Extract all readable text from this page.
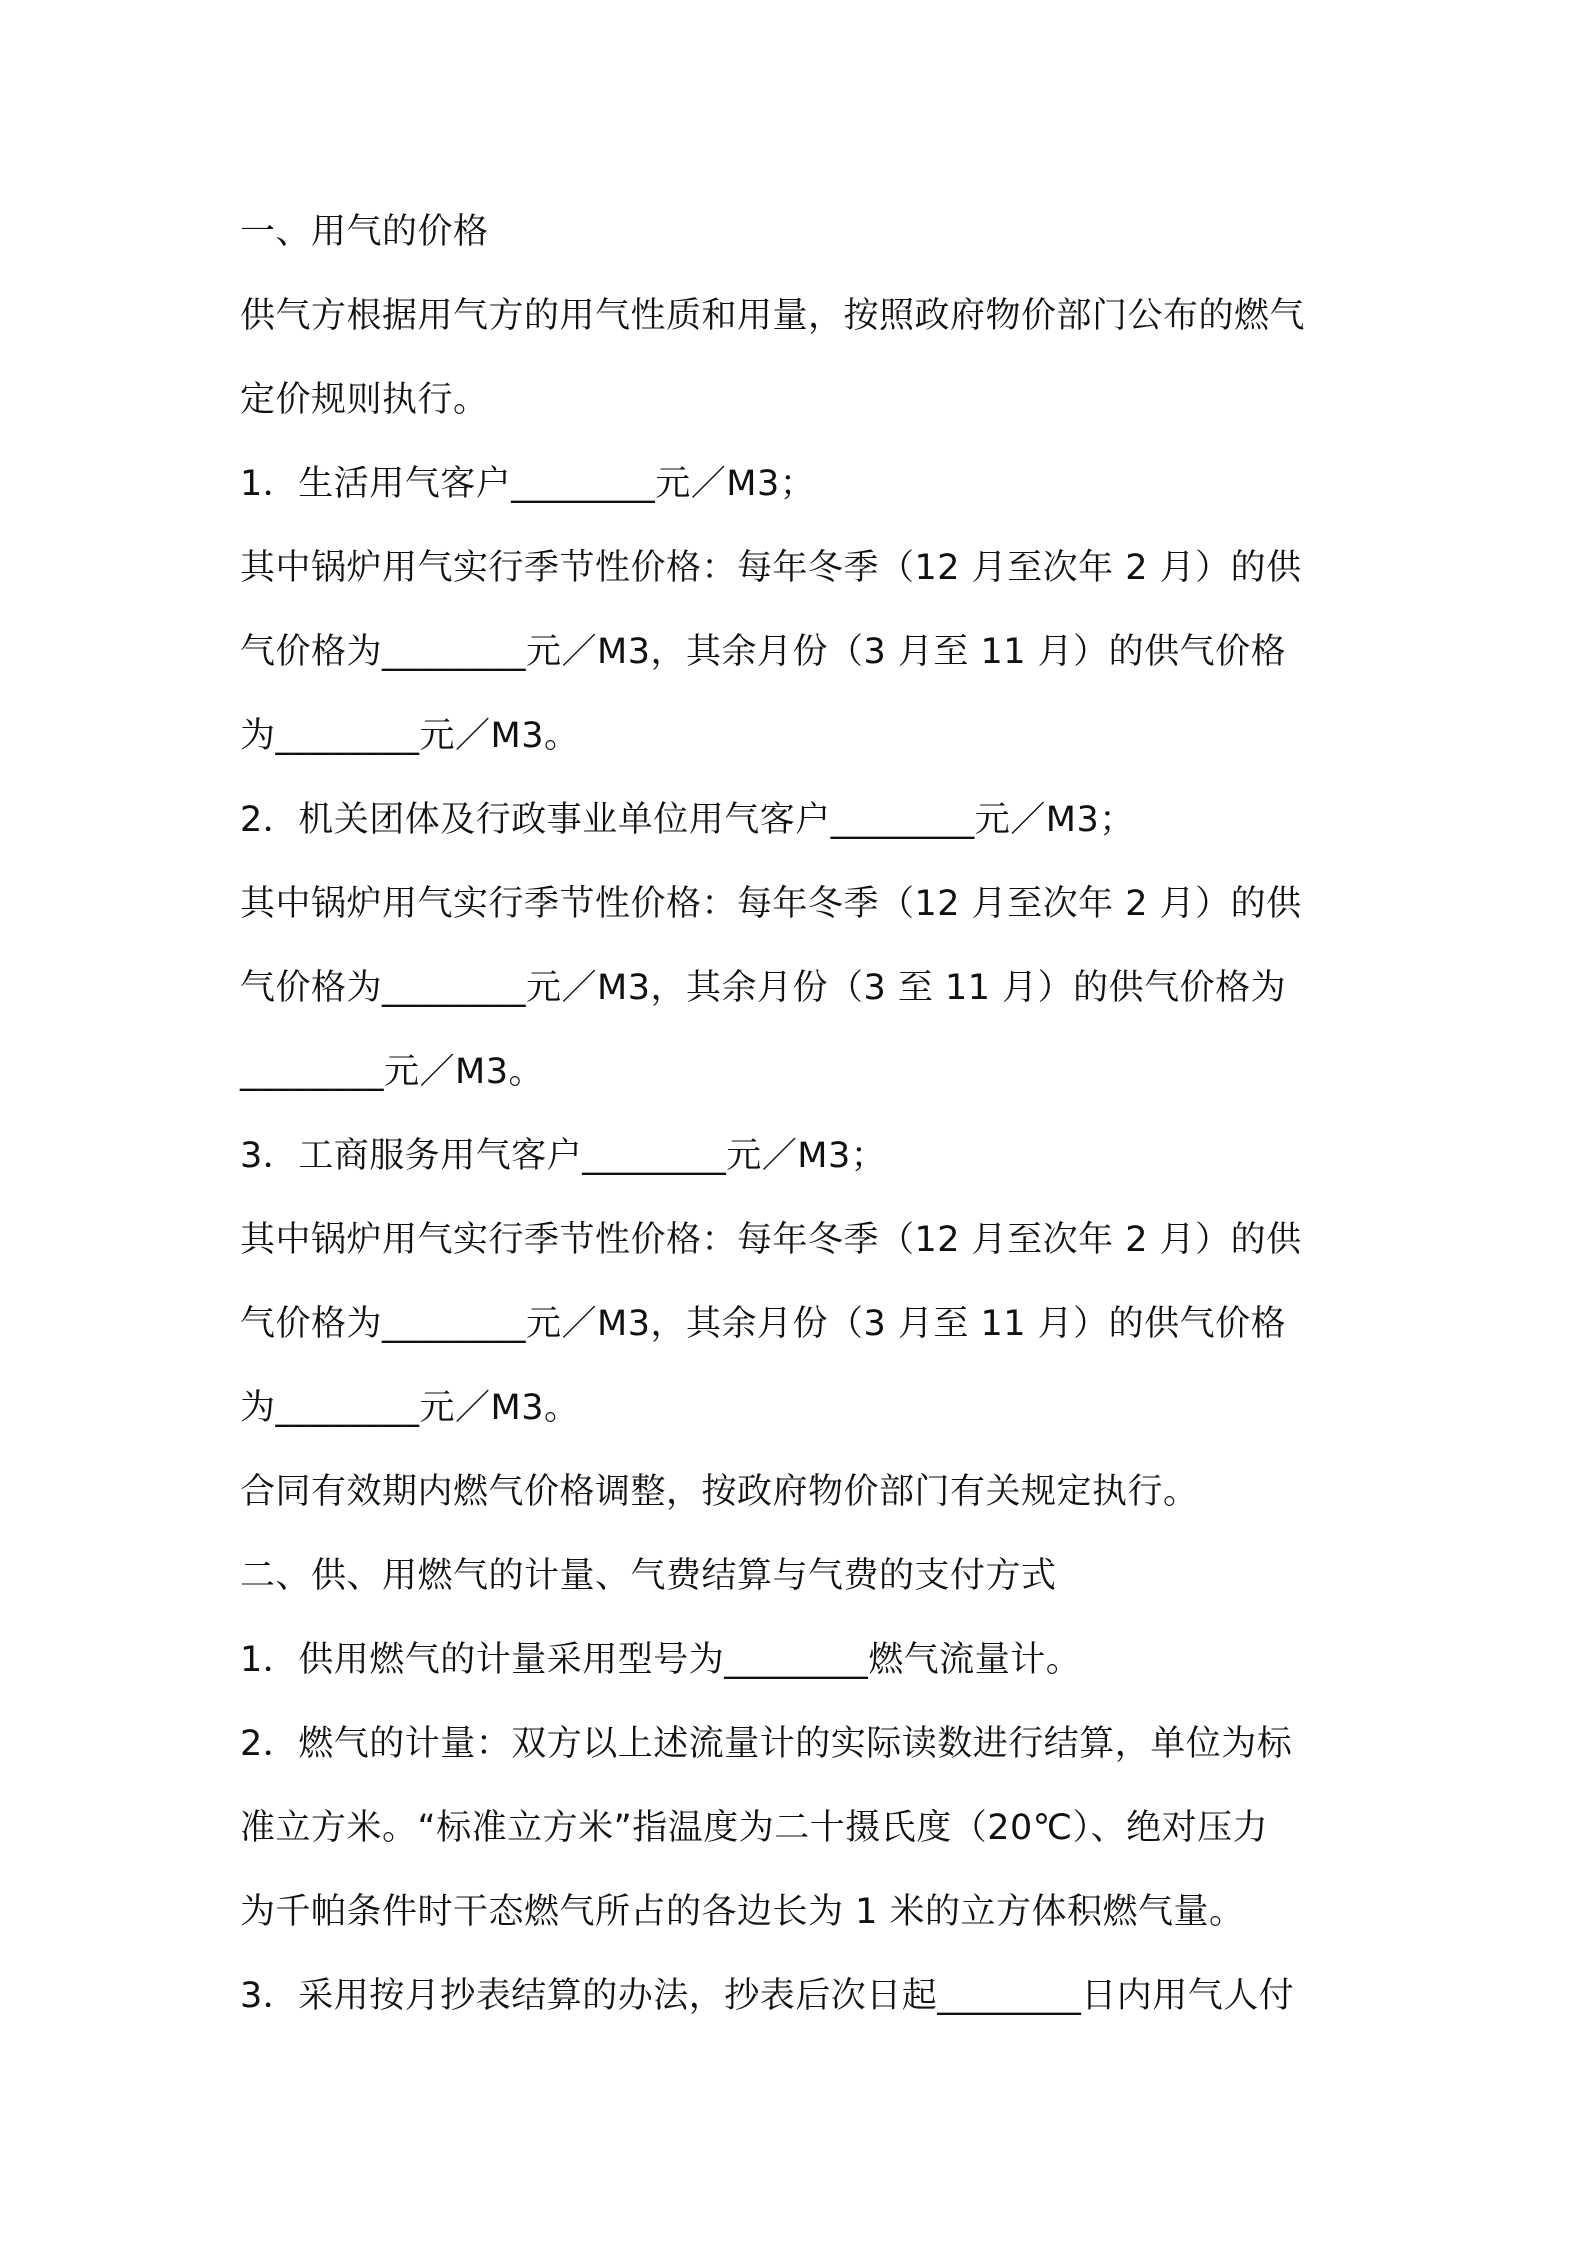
一、用气的价格
供气方根据用气方的用气性质和用量，按照政府物价部门公布的燃气
定价规则执行。
1．生活用气客户________元／M3；
其中锅炉用气实行季节性价格：每年冬季（12 月至次年 2 月）的供
气价格为________元／M3，其余月份（3 月至 11 月）的供气价格
为________元／M3。
2．机关团体及行政事业单位用气客户________元／M3；
其中锅炉用气实行季节性价格：每年冬季（12 月至次年 2 月）的供
气价格为________元／M3，其余月份（3 至 11 月）的供气价格为
________元／M3。
3．工商服务用气客户________元／M3；
其中锅炉用气实行季节性价格：每年冬季（12 月至次年 2 月）的供
气价格为________元／M3，其余月份（3 月至 11 月）的供气价格
为________元／M3。
合同有效期内燃气价格调整，按政府物价部门有关规定执行。
二、供、用燃气的计量、气费结算与气费的支付方式
1．供用燃气的计量采用型号为________燃气流量计。
2．燃气的计量：双方以上述流量计的实际读数进行结算，单位为标
准立方米。“标准立方米”指温度为二十摄氏度（20℃）、绝对压力
为千帕条件时干态燃气所占的各边长为 1 米的立方体积燃气量。
3．采用按月抄表结算的办法，抄表后次日起________日内用气人付
